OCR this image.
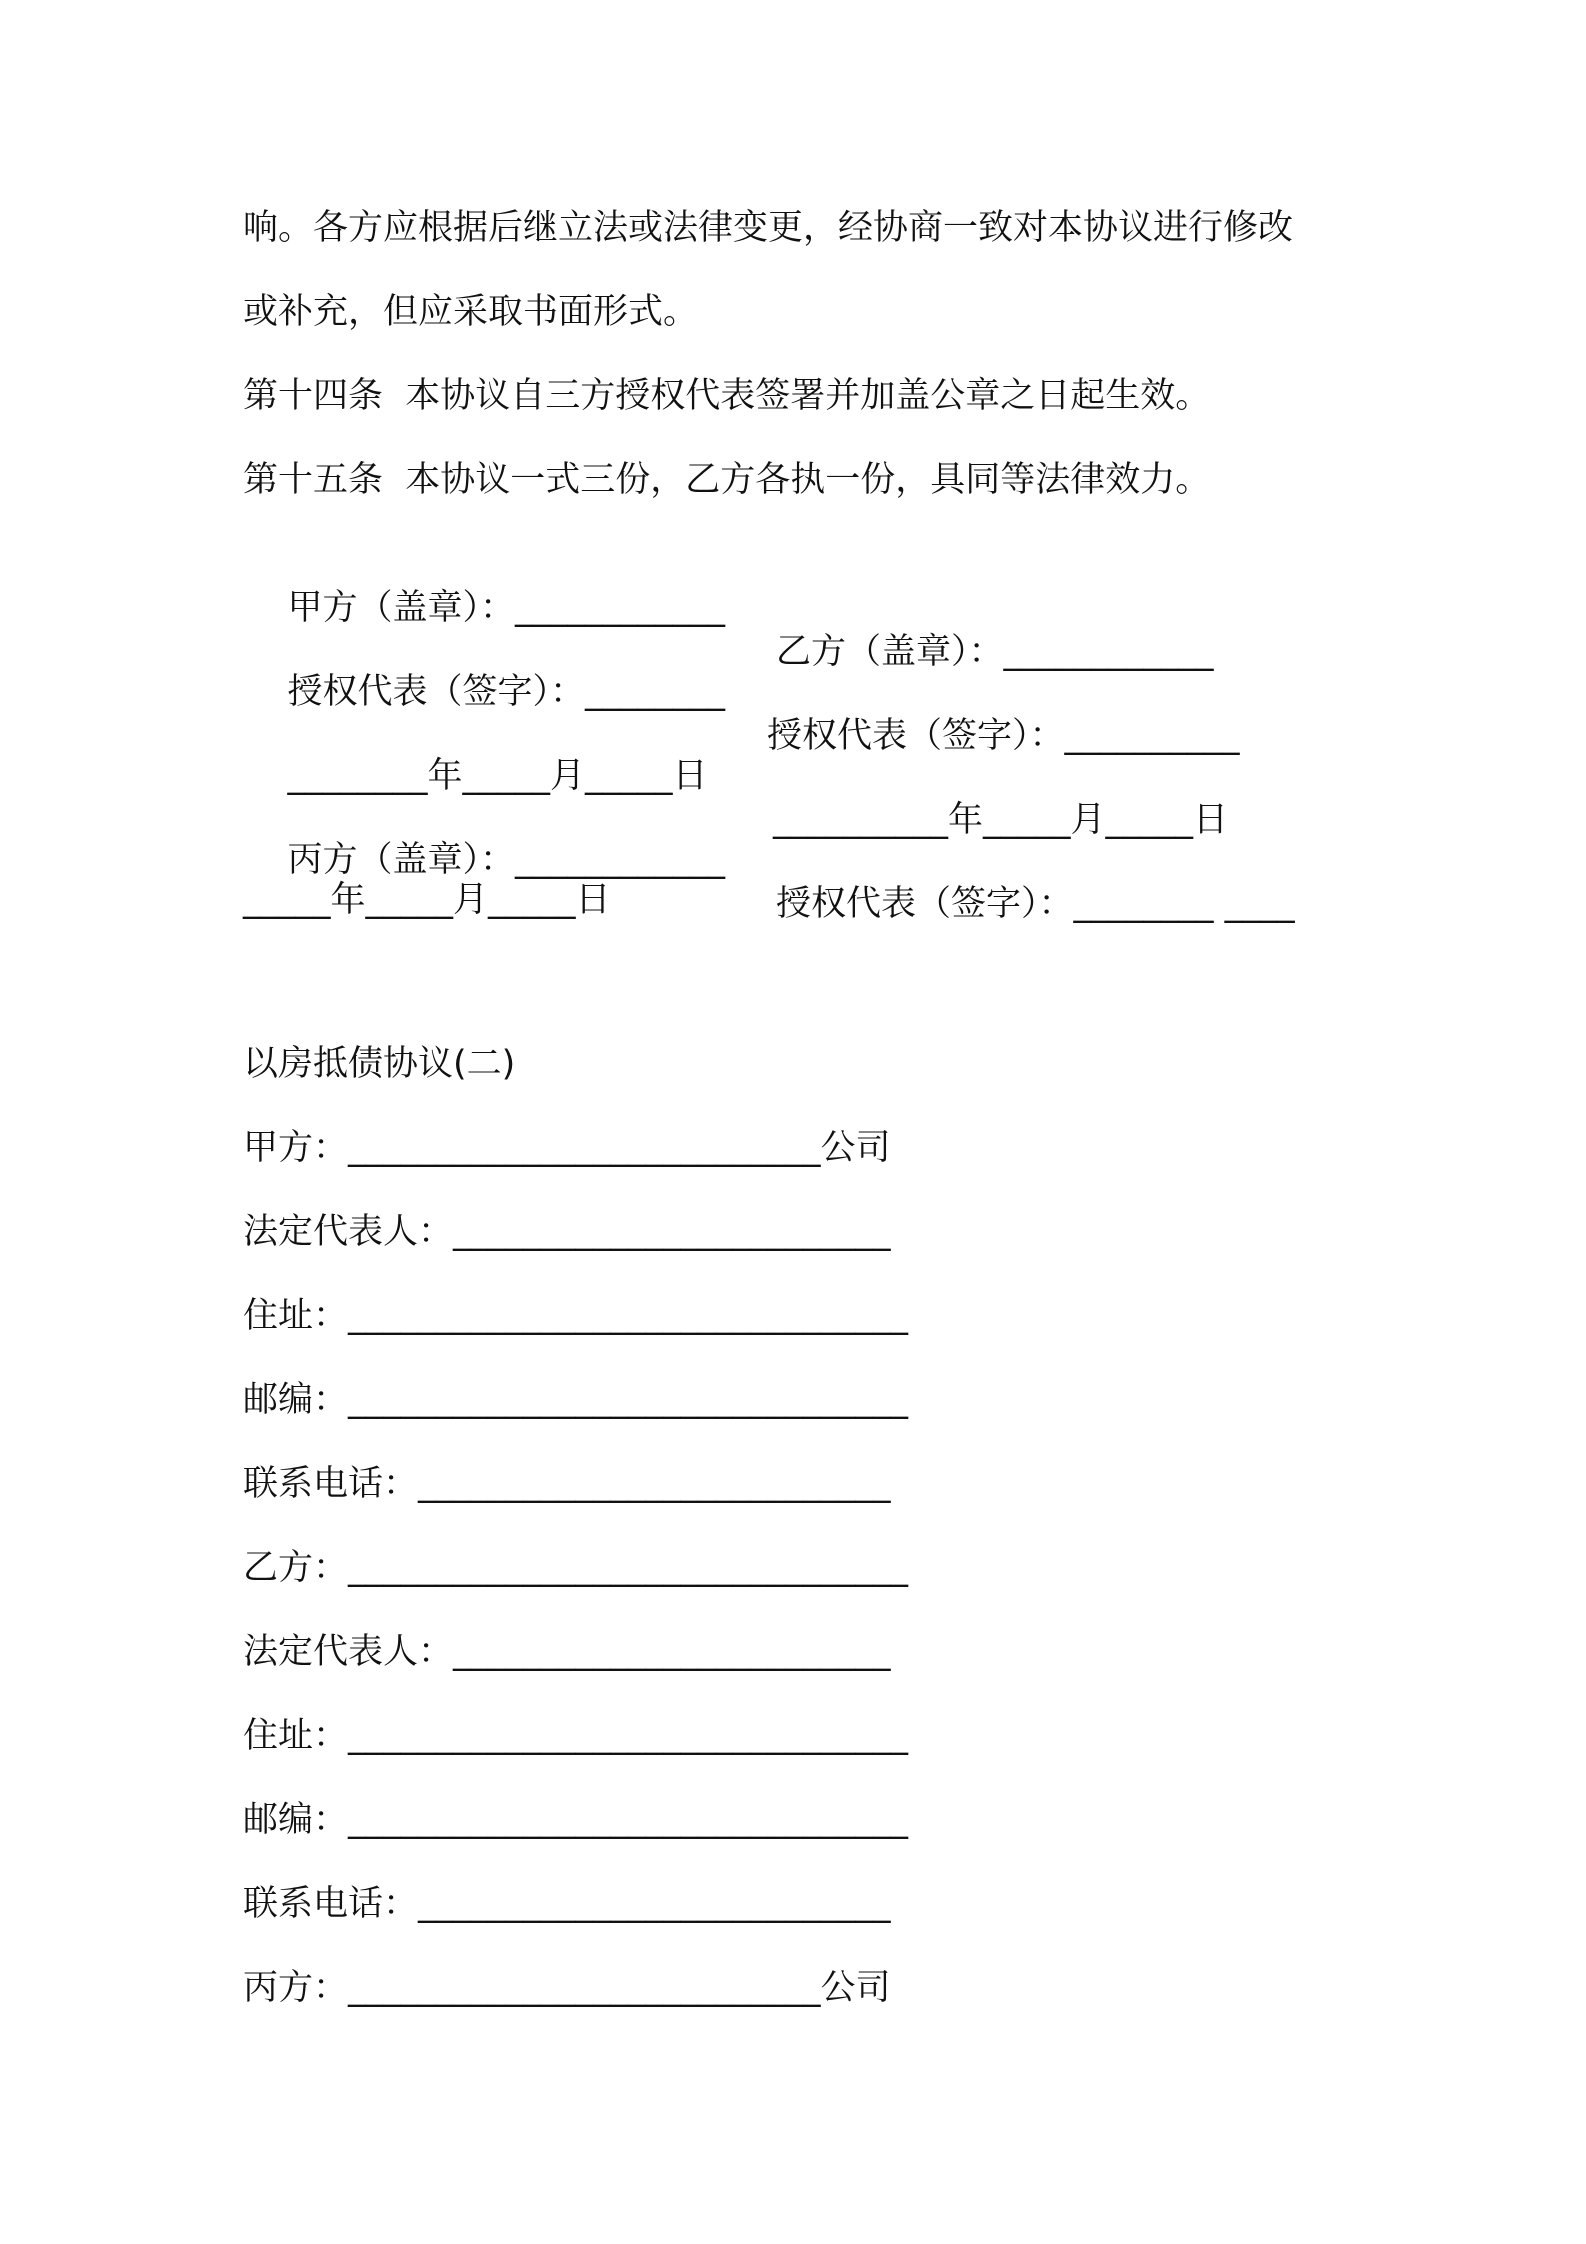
响。各方应根据后继立法或法律变更，经协商一致对本协议进行修改

或补充，但应采取书面形式。

第十四条  本协议自三方授权代表签署并加盖公章之日起生效。

第十五条  本协议一式三份，乙方各执一份，具同等法律效力。

甲方（盖章）：____________

乙方（盖章）：____________

授权代表（签字）：________

授权代表（签字）：__________

________年_____月_____日

__________年_____月_____日

丙方（盖章）：____________

授权代表（签字）：________ ____

_____年_____月_____日

以房抵债协议(二)

甲方：___________________________公司

法定代表人：_________________________

住址：________________________________

邮编：________________________________

联系电话：___________________________

乙方：________________________________

法定代表人：_________________________

住址：________________________________

邮编：________________________________

联系电话：___________________________

丙方：___________________________公司
